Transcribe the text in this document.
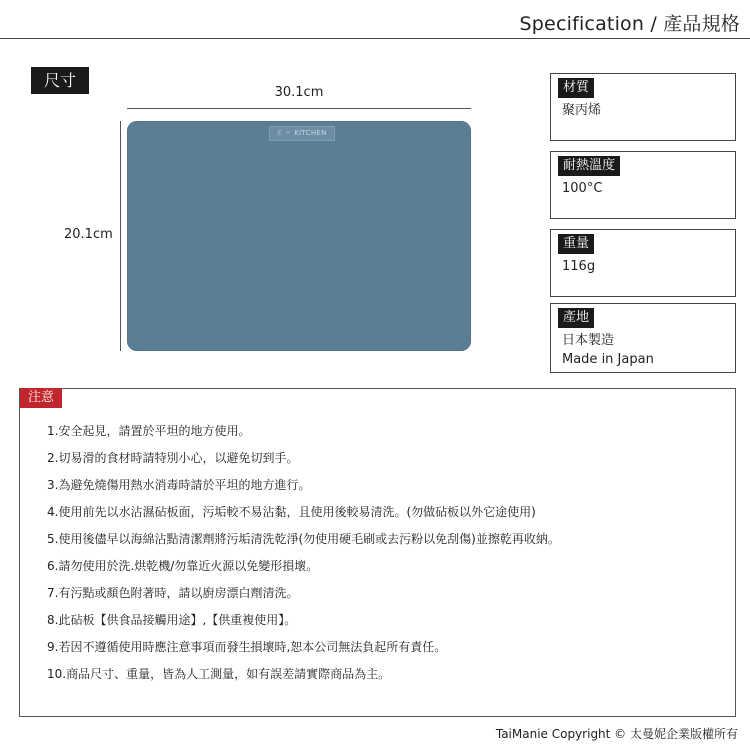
Specification / 產品規格
尺寸
30.1cm
20.1cm
ℰ 〃 KITCHEN
材質
聚丙烯
耐熱溫度
100°C
重量
116g
產地
日本製造
Made in Japan
注意
1.安全起見，請置於平坦的地方使用。
2.切易滑的食材時請特別小心，以避免切到手。
3.為避免燒傷用熱水消毒時請於平坦的地方進行。
4.使用前先以水沾濕砧板面，污垢較不易沾黏，且使用後較易清洗。(勿做砧板以外它途使用)
5.使用後儘早以海綿沾點清潔劑將污垢清洗乾淨(勿使用硬毛刷或去污粉以免刮傷)並擦乾再收納。
6.請勿使用於洗.烘乾機/勿靠近火源以免變形損壞。
7.有污點或顏色附著時，請以廚房漂白劑清洗。
8.此砧板【供食品接觸用途】,【供重複使用】。
9.若因不遵循使用時應注意事項而發生損壞時,恕本公司無法負起所有責任。
10.商品尺寸、重量，皆為人工測量，如有誤差請實際商品為主。
TaiManie Copyright © 太曼妮企業版權所有
